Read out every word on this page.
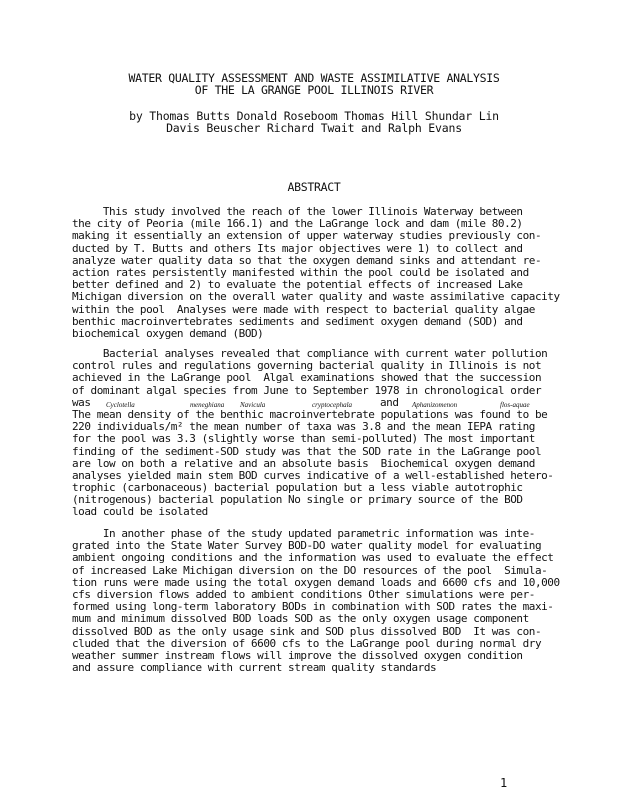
WATER QUALITY ASSESSMENT AND WASTE ASSIMILATIVE ANALYSIS
OF THE LA GRANGE POOL ILLINOIS RIVER
by Thomas Butts Donald Roseboom Thomas Hill Shundar Lin
Davis Beuscher Richard Twait and Ralph Evans
ABSTRACT
This study involved the reach of the lower Illinois Waterway between
the city of Peoria (mile 166.1) and the LaGrange lock and dam (mile 80.2)
making it essentially an extension of upper waterway studies previously con-
ducted by T. Butts and others Its major objectives were 1) to collect and
analyze water quality data so that the oxygen demand sinks and attendant re-
action rates persistently manifested within the pool could be isolated and
better defined and 2) to evaluate the potential effects of increased Lake
Michigan diversion on the overall water quality and waste assimilative capacity
within the pool  Analyses were made with respect to bacterial quality algae
benthic macroinvertebrates sediments and sediment oxygen demand (SOD) and
biochemical oxygen demand (BOD)
Bacterial analyses revealed that compliance with current water pollution
control rules and regulations governing bacterial quality in Illinois is not
achieved in the LaGrange pool  Algal examinations showed that the succession
of dominant algal species from June to September 1978 in chronological order
was Cyclotella	meneghiana Navicula	cryptocephala	and Aphanizomenon	flos-aquae
The mean density of the benthic macroinvertebrate populations was found to be
220 individuals/m² the mean number of taxa was 3.8 and the mean IEPA rating
for the pool was 3.3 (slightly worse than semi-polluted) The most important
finding of the sediment-SOD study was that the SOD rate in the LaGrange pool
are low on both a relative and an absolute basis  Biochemical oxygen demand
analyses yielded main stem BOD curves indicative of a well-established hetero-
trophic (carbonaceous) bacterial population but a less viable autotrophic
(nitrogenous) bacterial population No single or primary source of the BOD
load could be isolated
In another phase of the study updated parametric information was inte-
grated into the State Water Survey BOD-DO water quality model for evaluating
ambient ongoing conditions and the information was used to evaluate the effect
of increased Lake Michigan diversion on the DO resources of the pool  Simula-
tion runs were made using the total oxygen demand loads and 6600 cfs and 10,000
cfs diversion flows added to ambient conditions Other simulations were per-
formed using long-term laboratory BODs in combination with SOD rates the maxi-
mum and minimum dissolved BOD loads SOD as the only oxygen usage component
dissolved BOD as the only usage sink and SOD plus dissolved BOD  It was con-
cluded that the diversion of 6600 cfs to the LaGrange pool during normal dry
weather summer instream flows will improve the dissolved oxygen condition
and assure compliance with current stream quality standards
1
